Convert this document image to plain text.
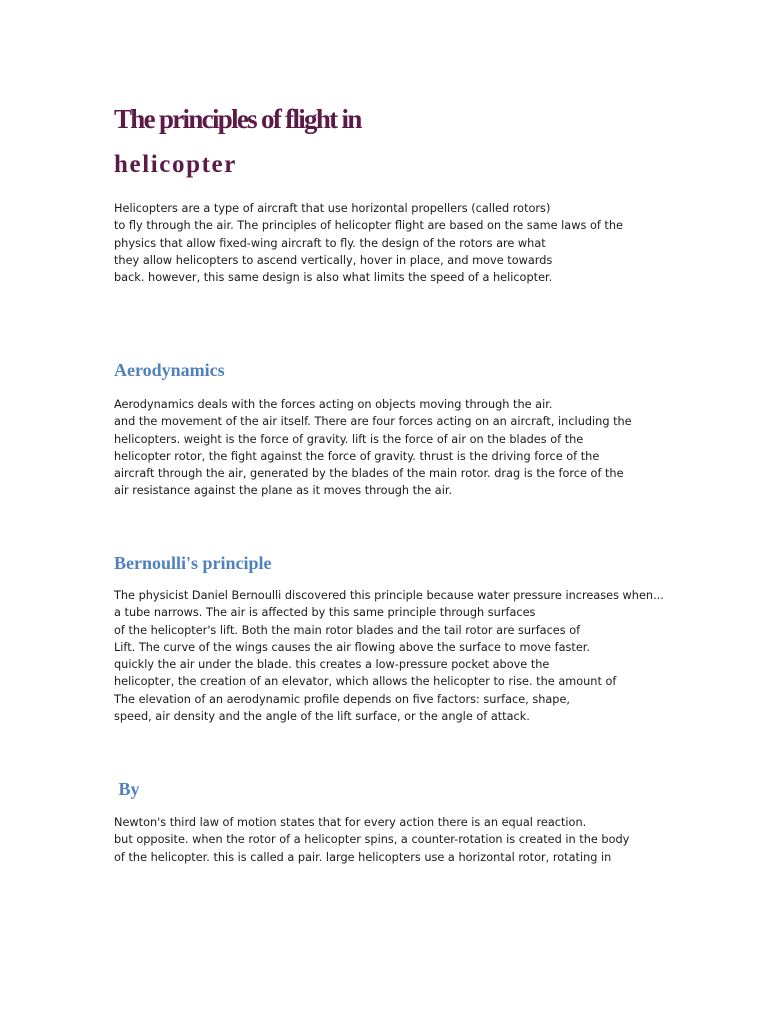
The principles of flight in
helicopter

Helicopters are a type of aircraft that use horizontal propellers (called rotors)
to fly through the air. The principles of helicopter flight are based on the same laws of the
physics that allow fixed-wing aircraft to fly. the design of the rotors are what
they allow helicopters to ascend vertically, hover in place, and move towards
back. however, this same design is also what limits the speed of a helicopter.

Aerodynamics

Aerodynamics deals with the forces acting on objects moving through the air.
and the movement of the air itself. There are four forces acting on an aircraft, including the
helicopters. weight is the force of gravity. lift is the force of air on the blades of the
helicopter rotor, the fight against the force of gravity. thrust is the driving force of the
aircraft through the air, generated by the blades of the main rotor. drag is the force of the
air resistance against the plane as it moves through the air.

Bernoulli's principle

The physicist Daniel Bernoulli discovered this principle because water pressure increases when...
a tube narrows. The air is affected by this same principle through surfaces
of the helicopter's lift. Both the main rotor blades and the tail rotor are surfaces of
Lift. The curve of the wings causes the air flowing above the surface to move faster.
quickly the air under the blade. this creates a low-pressure pocket above the
helicopter, the creation of an elevator, which allows the helicopter to rise. the amount of
The elevation of an aerodynamic profile depends on five factors: surface, shape,
speed, air density and the angle of the lift surface, or the angle of attack.

By

Newton's third law of motion states that for every action there is an equal reaction.
but opposite. when the rotor of a helicopter spins, a counter-rotation is created in the body
of the helicopter. this is called a pair. large helicopters use a horizontal rotor, rotating in
